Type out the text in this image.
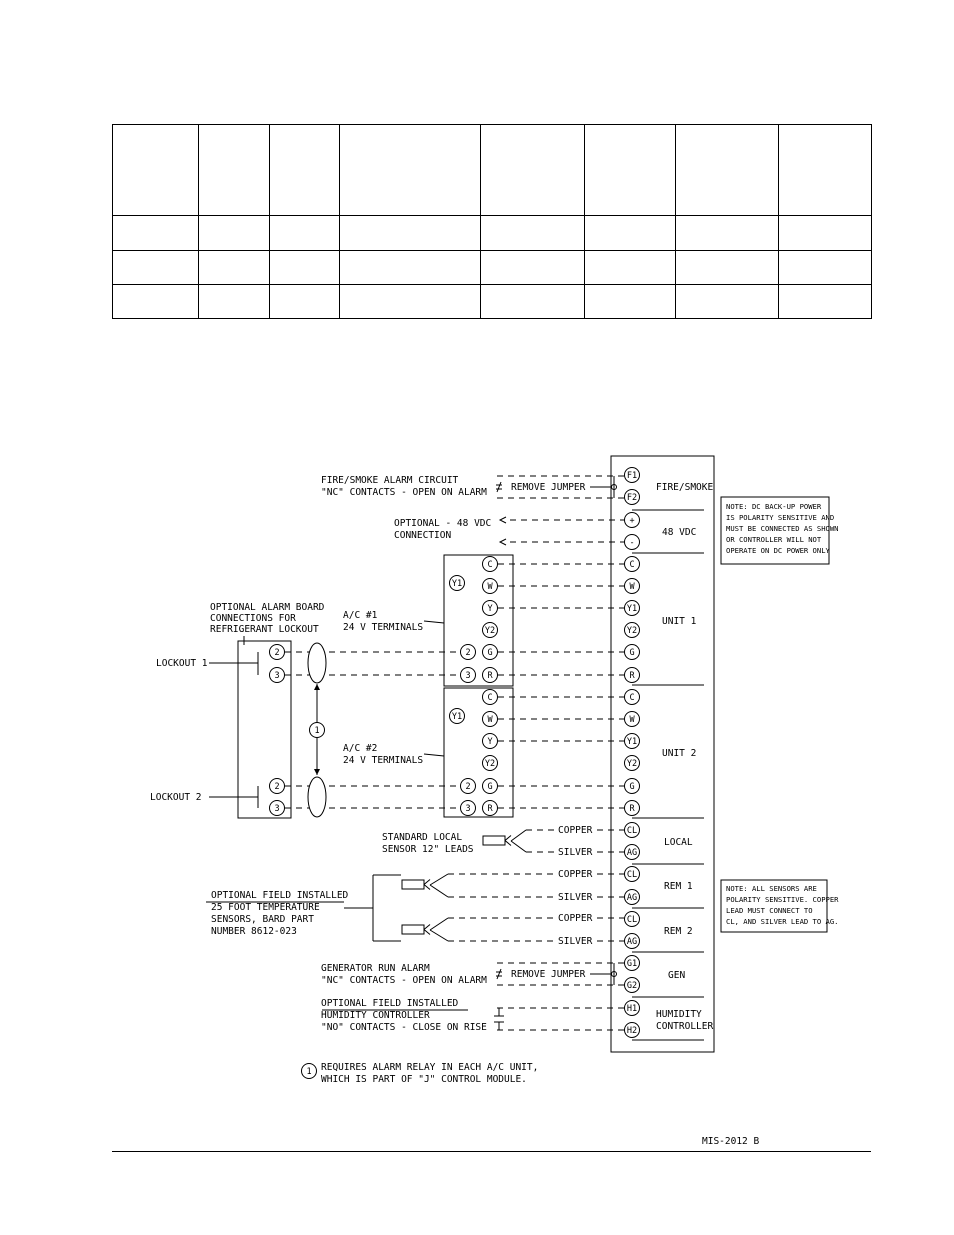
F1
F2
+
-
C
W
Y1
Y2
G
R
C
W
Y1
Y2
G
R
CL
AG
CL
AG
CL
AG
G1
G2
H1
H2
Y1
C
W
Y
Y2
G
R
Y1
C
W
Y
Y2
G
R
2
3
2
3
2
3
2
3
1
1
FIRE/SMOKE
48 VDC
UNIT 1
UNIT 2
LOCAL
REM 1
REM 2
GEN
HUMIDITY
CONTROLLER
NOTE: DC BACK-UP POWER
IS POLARITY SENSITIVE AND
MUST BE CONNECTED AS SHOWN
OR CONTROLLER WILL NOT
OPERATE ON DC POWER ONLY
NOTE: ALL SENSORS ARE
POLARITY SENSITIVE. COPPER
LEAD MUST CONNECT TO
CL, AND SILVER LEAD TO AG.
FIRE/SMOKE ALARM CIRCUIT
"NC" CONTACTS - OPEN ON ALARM	REMOVE JUMPER
OPTIONAL - 48 VDC
CONNECTION
A/C #1
24 V TERMINALS
A/C #2
24 V TERMINALS
OPTIONAL ALARM BOARD
CONNECTIONS FOR
REFRIGERANT LOCKOUT
LOCKOUT 1
LOCKOUT 2
STANDARD LOCAL
SENSOR 12" LEADS
OPTIONAL FIELD INSTALLED
25 FOOT TEMPERATURE
SENSORS, BARD PART
NUMBER 8612-023
COPPER
SILVER
COPPER
SILVER
COPPER
SILVER
GENERATOR RUN ALARM
"NC" CONTACTS - OPEN ON ALARM
REMOVE JUMPER
OPTIONAL FIELD INSTALLED
HUMIDITY CONTROLLER
"NO" CONTACTS - CLOSE ON RISE
REQUIRES ALARM RELAY IN EACH A/C UNIT,
WHICH IS PART OF "J" CONTROL MODULE.
MIS-2012 B
